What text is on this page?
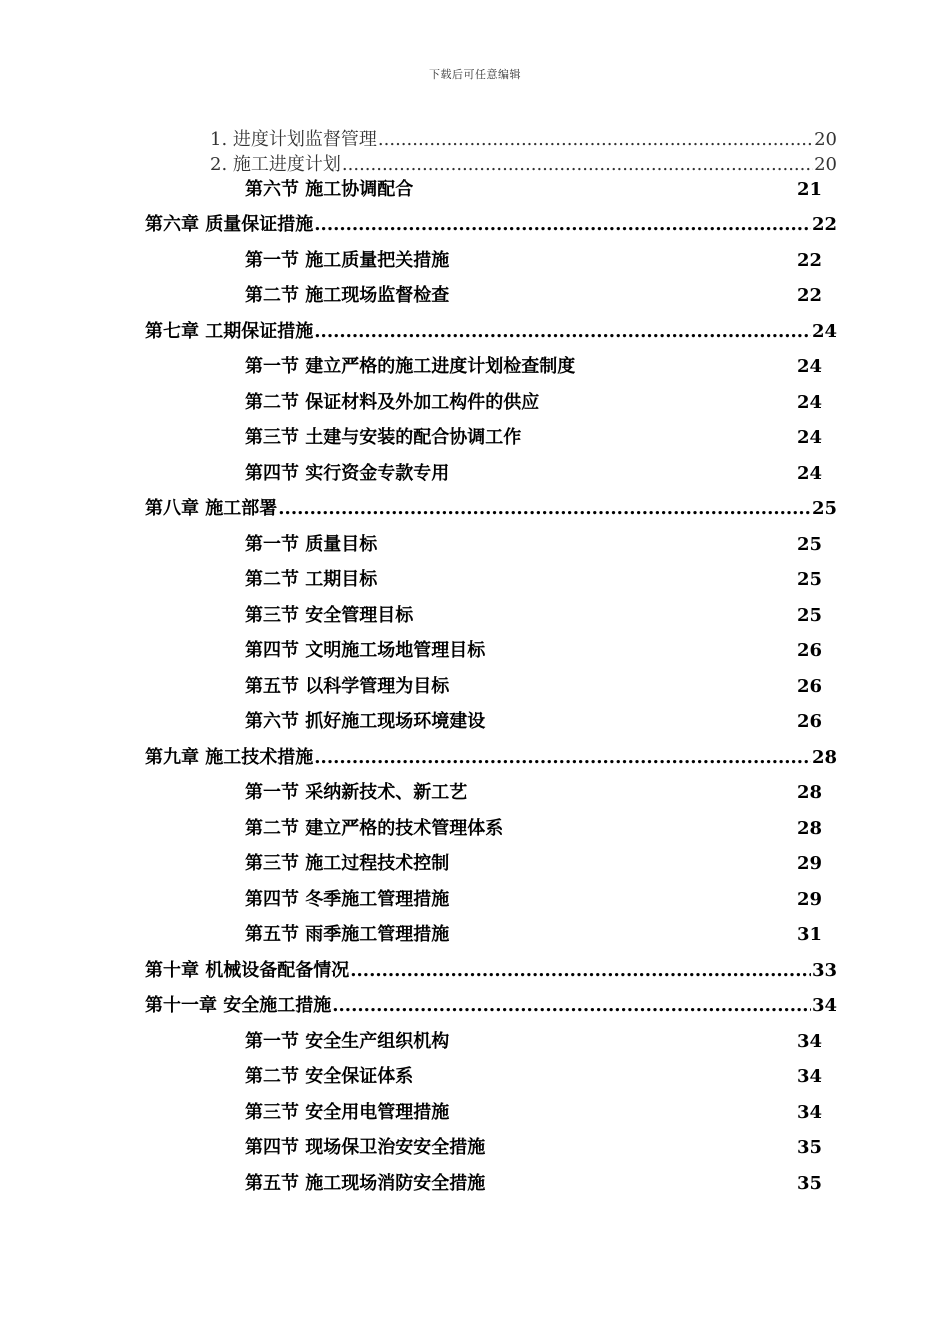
下载后可任意编辑
1. 进度计划监督管理 .....	20
2. 施工进度计划 .....	20
第六节 施工协调配合	21
第六章 质量保证措施 .....	22
第一节 施工质量把关措施	22
第二节 施工现场监督检查	22
第七章 工期保证措施 .....	24
第一节 建立严格的施工进度计划检查制度	24
第二节 保证材料及外加工构件的供应	24
第三节 土建与安装的配合协调工作	24
第四节 实行资金专款专用	24
第八章 施工部署 .....	25
第一节 质量目标	25
第二节 工期目标	25
第三节 安全管理目标	25
第四节 文明施工场地管理目标	26
第五节 以科学管理为目标	26
第六节 抓好施工现场环境建设	26
第九章 施工技术措施 .....	28
第一节 采纳新技术、新工艺	28
第二节 建立严格的技术管理体系	28
第三节 施工过程技术控制	29
第四节 冬季施工管理措施	29
第五节 雨季施工管理措施	31
第十章 机械设备配备情况 .....	33
第十一章 安全施工措施 .....	34
第一节 安全生产组织机构	34
第二节 安全保证体系	34
第三节 安全用电管理措施	34
第四节 现场保卫治安安全措施	35
第五节 施工现场消防安全措施	35
